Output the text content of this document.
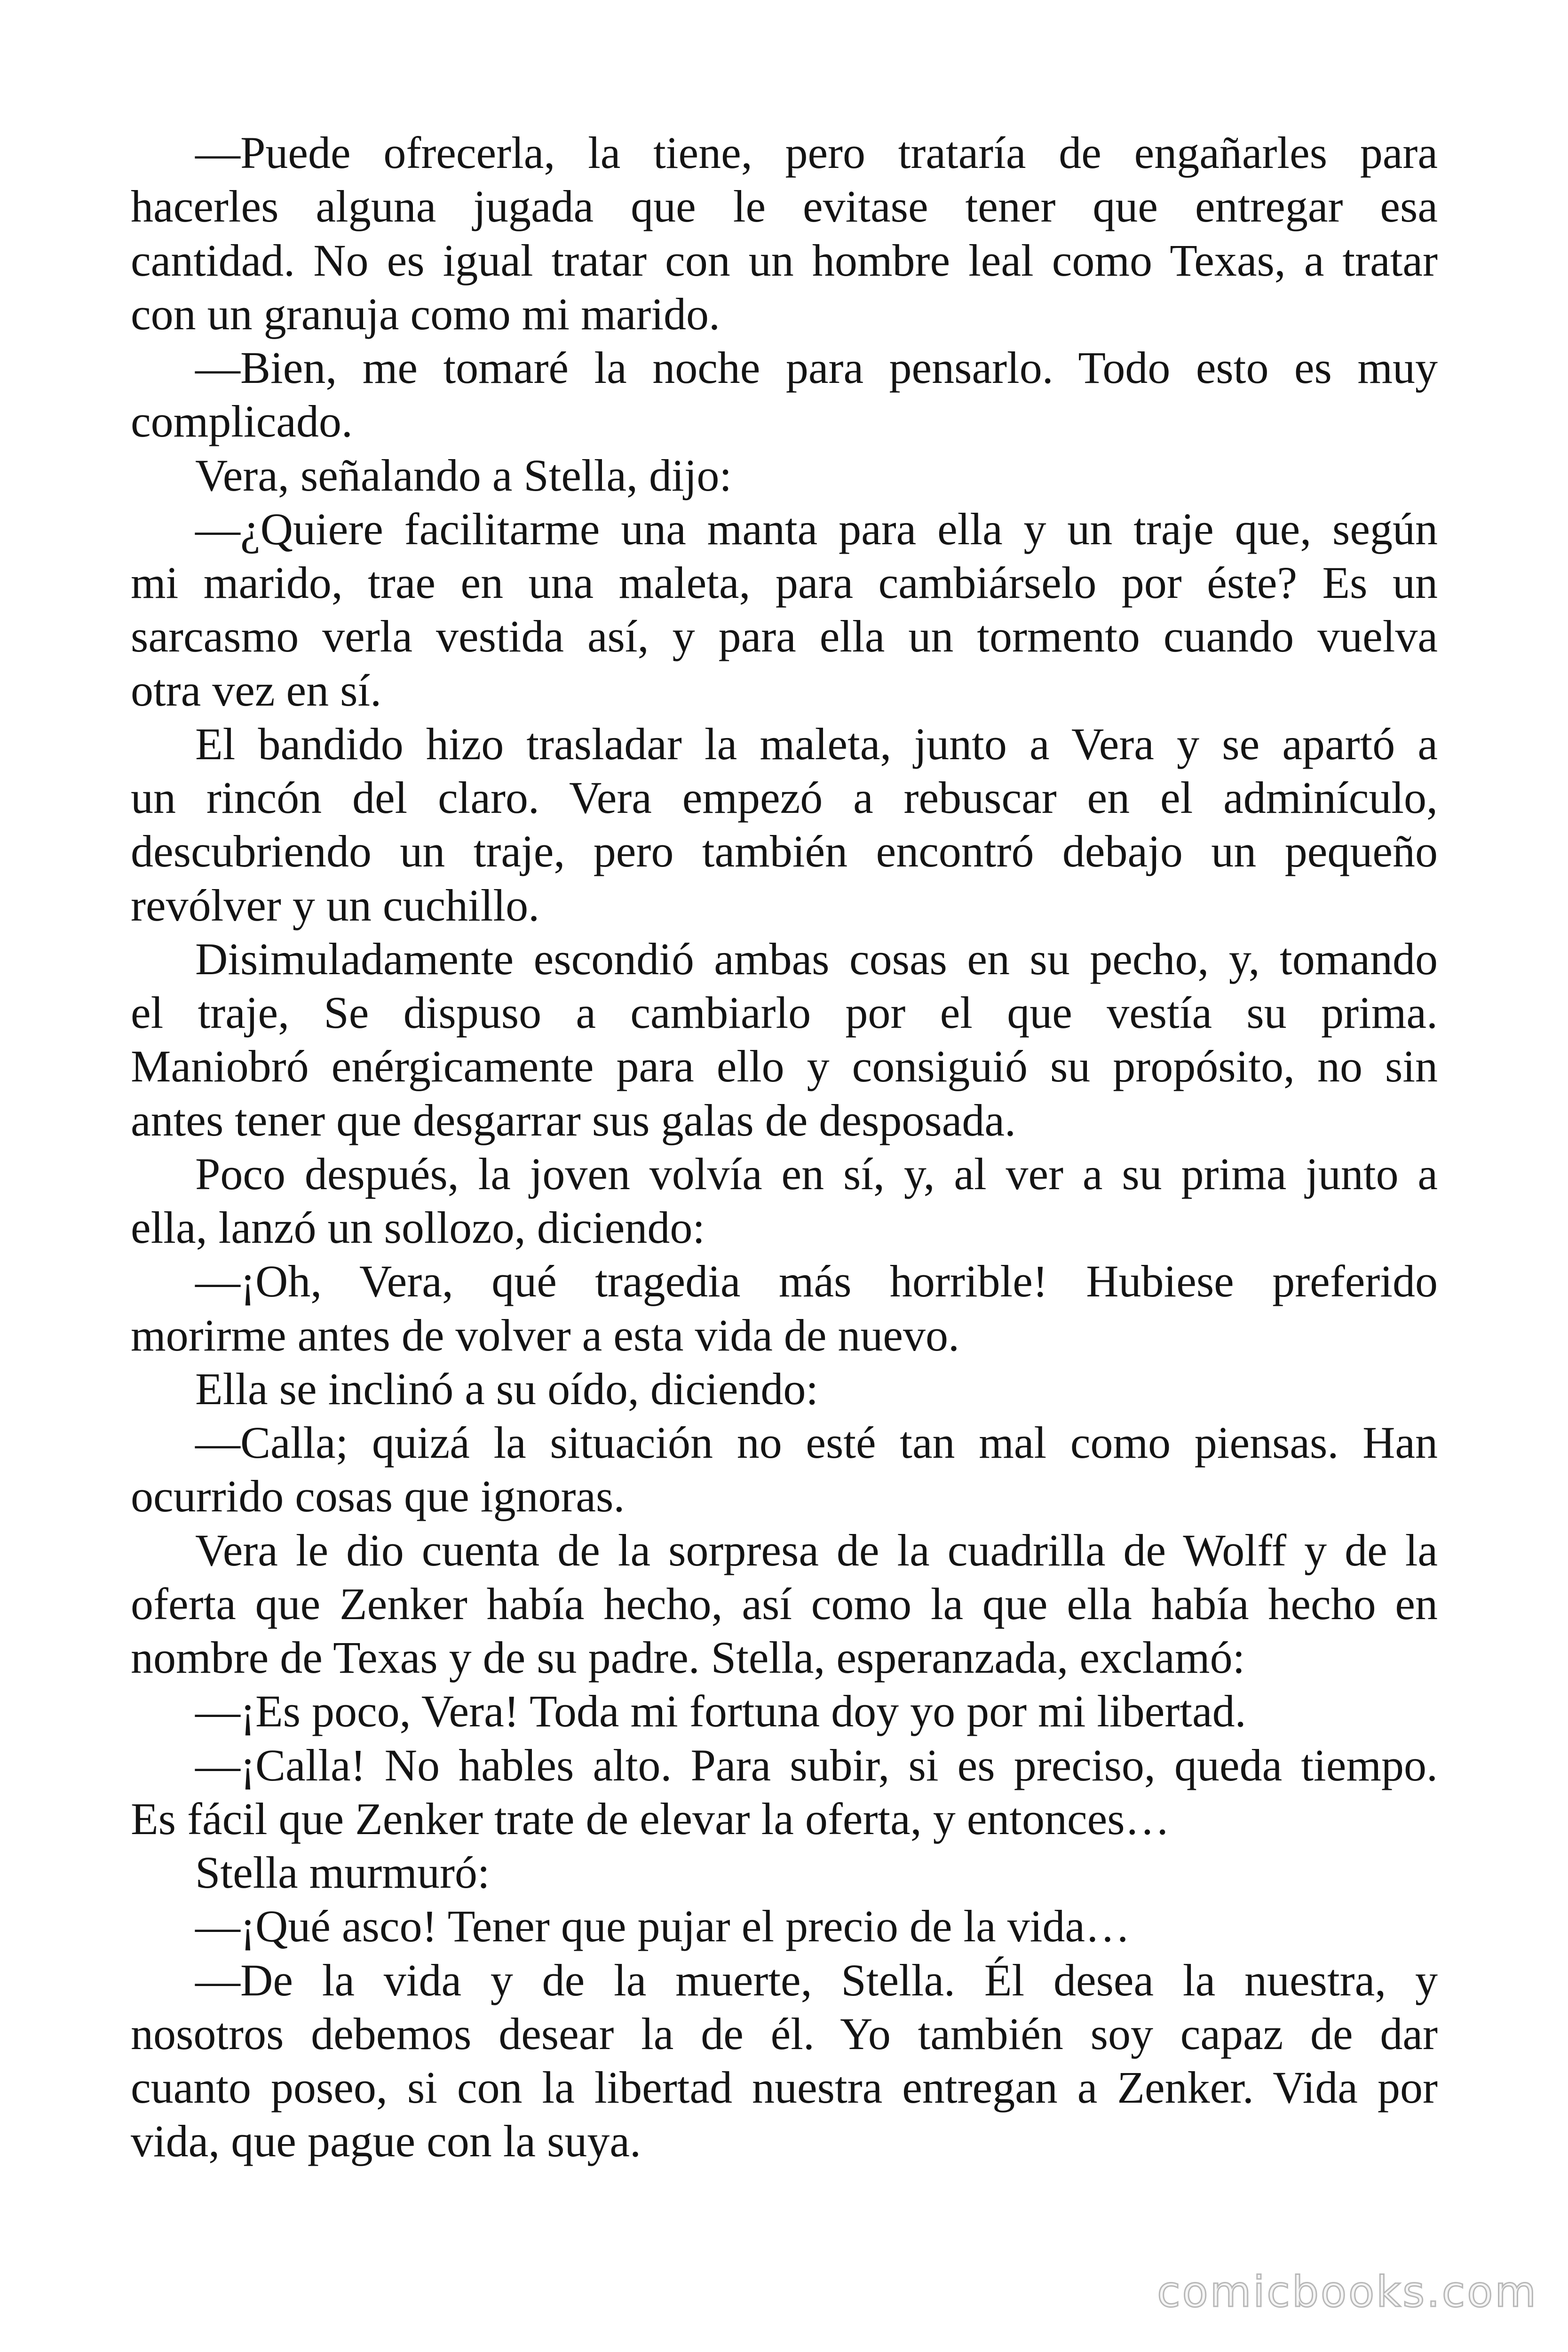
—Puede ofrecerla, la tiene, pero trataría de engañarles para
hacerles alguna jugada que le evitase tener que entregar esa
cantidad. No es igual tratar con un hombre leal como Texas, a tratar
con un granuja como mi marido.
—Bien, me tomaré la noche para pensarlo. Todo esto es muy
complicado.
Vera, señalando a Stella, dijo:
—¿Quiere facilitarme una manta para ella y un traje que, según
mi marido, trae en una maleta, para cambiárselo por éste? Es un
sarcasmo verla vestida así, y para ella un tormento cuando vuelva
otra vez en sí.
El bandido hizo trasladar la maleta, junto a Vera y se apartó a
un rincón del claro. Vera empezó a rebuscar en el adminículo,
descubriendo un traje, pero también encontró debajo un pequeño
revólver y un cuchillo.
Disimuladamente escondió ambas cosas en su pecho, y, tomando
el traje, Se dispuso a cambiarlo por el que vestía su prima.
Maniobró enérgicamente para ello y consiguió su propósito, no sin
antes tener que desgarrar sus galas de desposada.
Poco después, la joven volvía en sí, y, al ver a su prima junto a
ella, lanzó un sollozo, diciendo:
—¡Oh, Vera, qué tragedia más horrible! Hubiese preferido
morirme antes de volver a esta vida de nuevo.
Ella se inclinó a su oído, diciendo:
—Calla; quizá la situación no esté tan mal como piensas. Han
ocurrido cosas que ignoras.
Vera le dio cuenta de la sorpresa de la cuadrilla de Wolff y de la
oferta que Zenker había hecho, así como la que ella había hecho en
nombre de Texas y de su padre. Stella, esperanzada, exclamó:
—¡Es poco, Vera! Toda mi fortuna doy yo por mi libertad.
—¡Calla! No hables alto. Para subir, si es preciso, queda tiempo.
Es fácil que Zenker trate de elevar la oferta, y entonces…
Stella murmuró:
—¡Qué asco! Tener que pujar el precio de la vida…
—De la vida y de la muerte, Stella. Él desea la nuestra, y
nosotros debemos desear la de él. Yo también soy capaz de dar
cuanto poseo, si con la libertad nuestra entregan a Zenker. Vida por
vida, que pague con la suya.
comicbooks.com
